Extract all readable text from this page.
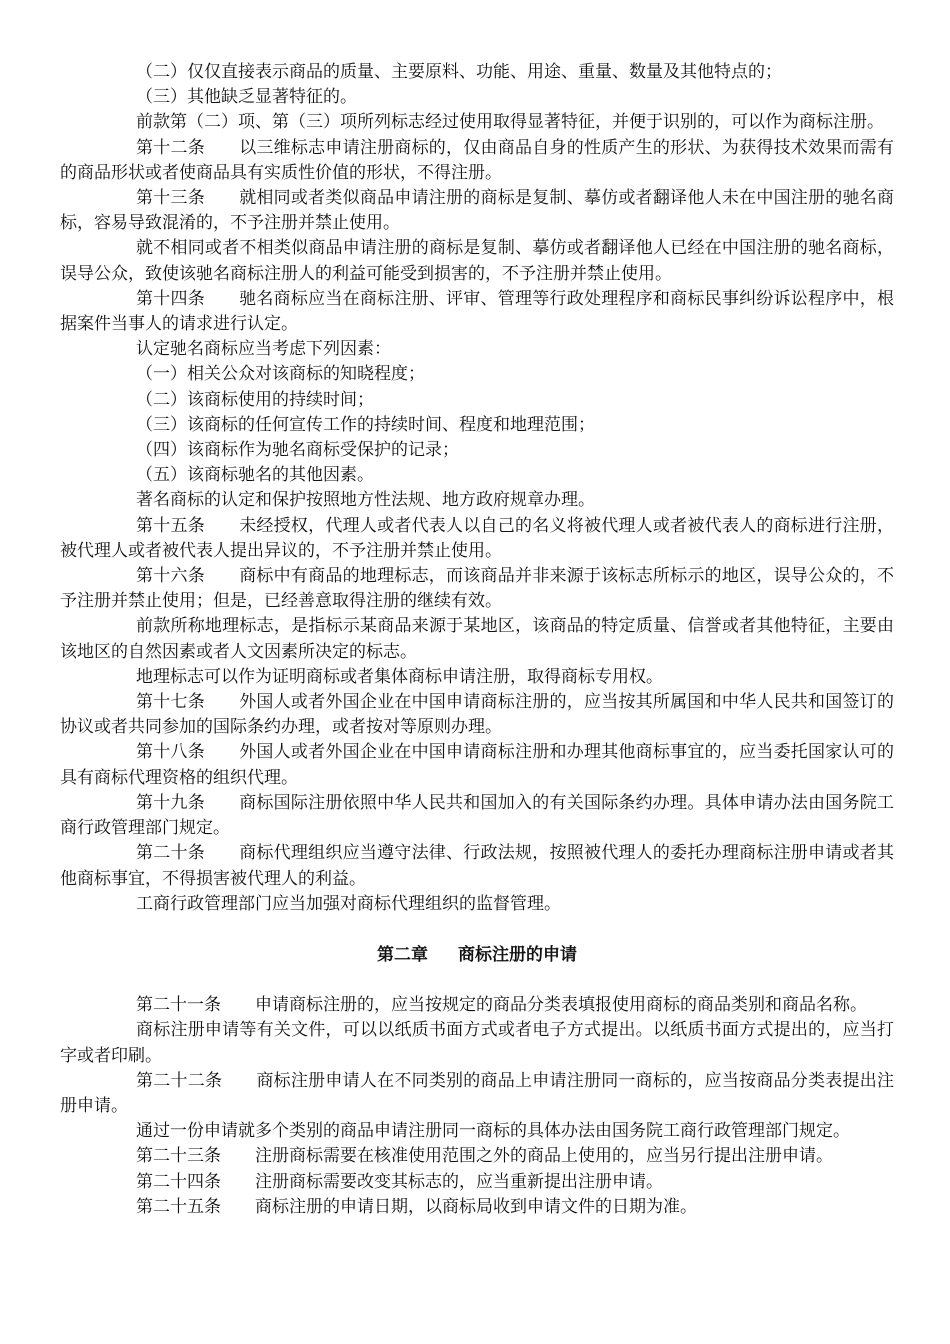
（二）仅仅直接表示商品的质量、主要原料、功能、用途、重量、数量及其他特点的；

（三）其他缺乏显著特征的。

前款第（二）项、第（三）项所列标志经过使用取得显著特征，并便于识别的，可以作为商标注册。

第十二条 以三维标志申请注册商标的，仅由商品自身的性质产生的形状、为获得技术效果而需有的商品形状或者使商品具有实质性价值的形状，不得注册。

第十三条 就相同或者类似商品申请注册的商标是复制、摹仿或者翻译他人未在中国注册的驰名商标，容易导致混淆的，不予注册并禁止使用。

就不相同或者不相类似商品申请注册的商标是复制、摹仿或者翻译他人已经在中国注册的驰名商标，误导公众，致使该驰名商标注册人的利益可能受到损害的，不予注册并禁止使用。

第十四条 驰名商标应当在商标注册、评审、管理等行政处理程序和商标民事纠纷诉讼程序中，根据案件当事人的请求进行认定。

认定驰名商标应当考虑下列因素：

（一）相关公众对该商标的知晓程度；

（二）该商标使用的持续时间；

（三）该商标的任何宣传工作的持续时间、程度和地理范围；

（四）该商标作为驰名商标受保护的记录；

（五）该商标驰名的其他因素。

著名商标的认定和保护按照地方性法规、地方政府规章办理。

第十五条 未经授权，代理人或者代表人以自己的名义将被代理人或者被代表人的商标进行注册，被代理人或者被代表人提出异议的，不予注册并禁止使用。

第十六条 商标中有商品的地理标志，而该商品并非来源于该标志所标示的地区，误导公众的，不予注册并禁止使用；但是，已经善意取得注册的继续有效。

前款所称地理标志，是指标示某商品来源于某地区，该商品的特定质量、信誉或者其他特征，主要由该地区的自然因素或者人文因素所决定的标志。

地理标志可以作为证明商标或者集体商标申请注册，取得商标专用权。

第十七条 外国人或者外国企业在中国申请商标注册的，应当按其所属国和中华人民共和国签订的协议或者共同参加的国际条约办理，或者按对等原则办理。

第十八条 外国人或者外国企业在中国申请商标注册和办理其他商标事宜的，应当委托国家认可的具有商标代理资格的组织代理。

第十九条 商标国际注册依照中华人民共和国加入的有关国际条约办理。具体申请办法由国务院工商行政管理部门规定。

第二十条 商标代理组织应当遵守法律、行政法规，按照被代理人的委托办理商标注册申请或者其他商标事宜，不得损害被代理人的利益。

工商行政管理部门应当加强对商标代理组织的监督管理。

第二章 商标注册的申请

第二十一条 申请商标注册的，应当按规定的商品分类表填报使用商标的商品类别和商品名称。

商标注册申请等有关文件，可以以纸质书面方式或者电子方式提出。以纸质书面方式提出的，应当打字或者印刷。

第二十二条 商标注册申请人在不同类别的商品上申请注册同一商标的，应当按商品分类表提出注册申请。

通过一份申请就多个类别的商品申请注册同一商标的具体办法由国务院工商行政管理部门规定。

第二十三条 注册商标需要在核准使用范围之外的商品上使用的，应当另行提出注册申请。

第二十四条 注册商标需要改变其标志的，应当重新提出注册申请。

第二十五条 商标注册的申请日期，以商标局收到申请文件的日期为准。
